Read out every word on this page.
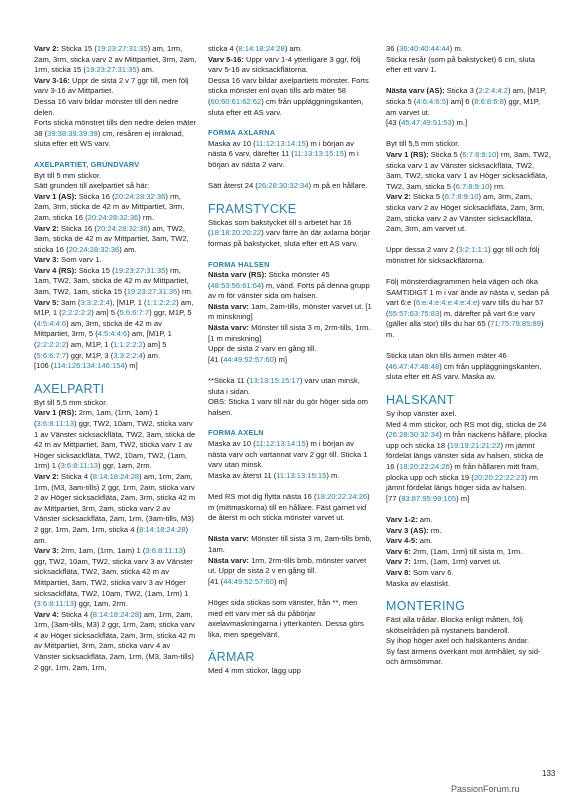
Varv 2: Sticka 15 (19:23:27:31:35) am, 1rm, 2am, 3rm, sticka varv 2 av Mittpartiet, 3rm, 2am, 1rm, sticka 15 (19:23:27:31:35) am.
Varv 3-16: Uppr de sista 2 v 7 ggr till, men följ varv 3-16 av Mittpartiet.
Dessa 16 varv bildar mönster till den nedre delen.
Forts sticka mönstret tills den nedre delen mäter 38 (39:38:39:39:39) cm, resåren ej inräknad, sluta efter ett WS varv.
AXELPARTIET, GRUNDVARV
Byt till 5 mm stickor.
Sätt grunden till axelpartiet så här:
Varv 1 (AS): Sticka 16 (20:24:28:32:36) rm, 2am, 3rm, sticka de 42 m av Mittpartiet, 3rm, 2am, sticka 16 (20:24:28:32:36) rm.
Varv 2: Sticka 16 (20:24:28:32:36) am, TW2, 3am, sticka de 42 m av Mittpartiet, 3am, TW2, sticka 16 (20:24:28:32:36) am.
Varv 3: Som varv 1.
Varv 4 (RS): Sticka 15 (19:23:27:31:35) rm, 1am, TW2, 3am, sticka de 42 m av Mittpartiet, 3am, TW2, 1am, sticka 15 (19:23:27:31:35) rm.
Varv 5: 3am (3:3:2:2:4), [M1P, 1 (1:1:2:2:2) am, M1P, 1 (2:2:2:2:2) am] 5 (5:6:6:7:7) ggr, M1P, 5 (4:5:4:4:6) am, 3rm, sticka de 42 m av Mittpartiet, 3rm, 5 (4:5:4:4:6) am, [M1P, 1 (2:2:2:2:2) am, M1P, 1 (1:1:2:2:2) am] 5 (5:6:6:7:7) ggr, M1P, 3 (3:3:2:2:4) am.
[106 (114:126:134:146:154) m]
AXELPARTI
Byt till 5,5 mm stickor.
Varv 1 (RS): 2rm, 1am, (1rm, 1am) 1 (3:6:8:11:13) ggr, TW2, 10am, TW2, sticka varv 1 av Vänster sicksackflätа, TW2, 3am, sticka de 42 m av Mittpartiet, 3am, TW2, sticka varv 1 av Höger sicksackflätа, TW2, 10am, TW2, (1am, 1rm) 1 (3:6:8:11:13) ggr, 1am, 2rm.
Varv 2: Sticka 4 (8:14:18:24:28) am, 1rm, 2am, 1rm, (M3, 3am-tills) 2 ggr, 1rm, 2am, sticka varv 2 av Höger sicksackflätа, 2am, 3rm, sticka 42 m av Mittpartiet, 3rm, 2am, sticka varv 2 av Vänster sicksackflätа, 2am, 1rm, (3am-tills, M3) 2 ggr, 1rm, 2am, 1rm, sticka 4 (8:14:18:24:28) am.
Varv 3: 2rm, 1am, (1rm, 1am) 1 (3:6:8:11:13) ggr, TW2, 10am, TW2, sticka varv 3 av Vänster sicksackflätа, TW2, 3am, sticka 42 m av Mittpartiet, 3am, TW2, sticka varv 3 av Höger sicksackflätа, TW2, 10am, TW2, (1am, 1rm) 1 (3:6:8:11:13) ggr, 1am, 2rm.
Varv 4: Sticka 4 (8:14:18:24:28) am, 1rm, 2am, 1rm, (3am-tills, M3) 2 ggr, 1rm, 2am, sticka varv 4 av Höger sicksackflätа, 2am, 3rm, sticka 42 m av Mittpartiet, 3rm, 2am, sticka varv 4 av Vänster sicksackflätа, 2am, 1rm, (M3, 3am-tills) 2 ggr, 1rm, 2am, 1rm,
sticka 4 (8:14:18:24:28) am.
Varv 5-16: Uppr varv 1-4 ytterligare 3 ggr, följ varv 5-16 av sicksackflätorna.
Dessa 16 varv bildar axelpartiets mönster. Forts sticka mönster enl ovan tills arb mäter 58 (60:60:61:62:62) cm från uppläggningskanten, sluta efter ett AS varv.
FORMA AXLARNA
Maska av 10 (11:12:13:14:15) m i början av nästa 6 varv, därefter 11 (11:13:13:15:15) m i början av nästa 2 varv.

Sätt återst 24 (26:28:30:32:34) m på en hållare.
FRAMSTYCKE
Stickas som bakstycket till s arbetet har 16 (18:18:20:20:22) varv färre än där axlarna börjar formas på bakstycket, sluta efter ett AS varv.
FORMA HALSEN
Nästa varv (RS): Sticka mönster 45 (48:53:56:61:64) m, vänd. Forts på denna grupp av m för vänster sida om halsen.
Nästa varv: 1am, 2am-tills, mönster varvet ut. [1 m minskning]
Nästa varv: Mönster till sista 3 m, 2rm-tills, 1rm. [1 m minskning]
Uppr de sista 2 varv en gång till.
[41 (44:49:52:57:60) m]

**Sticka 11 (13:13:15:15:17) varv utan minsk, sluta i sidan.
OBS: Sticka 1 varv till när du gör höger sida om halsen.
FORMA AXELN
Maska av 10 (11:12:13:14:15) m i början av nästa varv och vartannat varv 2 ggr till. Sticka 1 varv utan minsk.
Maska av återst 11 (11:13:13:15:15) m.

Med RS mot dig flytta nästa 16 (18:20:22:24:26) m (mittmaskorna) till en hållare. Fäst garnet vid de återst m och sticka mönster varvet ut.

Nästa varv: Mönster till sista 3 m, 2am-tills bmb, 1am.
Nästa varv: 1rm, 2rm-tills bmb, mönster varvet ut. Uppr de sista 2 v en gång till.
[41 (44:49:52:57:60) m]

Höger sida stickas som vänster, från **, men med ett varv mer så du påbörjar axelavmaskningarna i ytterkanten. Dessa görs lika, men spegelvänt.
ÄRMAR
Med 4 mm stickor, lägg upp
36 (36:40:40:44:44) m.
Sticka resår (som på bakstycket) 6 cm, sluta efter ett varv 1.

Nästa varv (AS): Sticka 3 (2:2:4:4:2) am, [M1P, sticka 5 (4:6:4:6:5) am] 6 (8:6:8:6:8) ggr, M1P, am varvet ut.
[43 (45:47:49:51:53) m.]

Byt till 5,5 mm stickor.
Varv 1 (RS): Sticka 5 (6:7:8:9:10) rm, 3am, TW2, sticka varv 1 av Vänster sicksackflätа, TW2, 3am, TW2, sticka varv 1 av Höger sicksackflätа, TW2, 3am, sticka 5 (6:7:8:9:10) rm.
Varv 2: Sticka 5 (6:7:8:9:10) am, 3rm, 2am, sticka varv 2 av Höger sicksackflätа, 2am, 3rm, 2am, sticka varv 2 av Vänster sicksackflätа, 2am, 3rm, am varvet ut.

Uppr dessa 2 varv 2 (3:2:1:1:1) ggr till och följ mönstret för sicksackflätorna.

Följ mönsterdiagrammen hela vägen och öka SAMTIDIGT 1 m i var ände av nästa v, sedan på vart 6:e (6:e:4:e:4:e:4:e:4:e) varv tills du har 57 (55:57:63:75:83) m, därefter på vart 6:e varv (gäller alla stor) tills du har 65 (71:75:79:85:89) m.

Sticka utan ökn tills ärmen mäter 46 (46:47:47:48:48) cm från uppläggningskanten, sluta efter ett AS varv. Maska av.
HALSKANT
Sy ihop vänster axel.
Med 4 mm stickor, och RS mot dig, sticka de 24 (26:28:30:32:34) m från nackens hållare, plocka upp och sticka 18 (19:19:21:21:22) rm jämnt fördelat längs vänster sida av halsen, sticka de 16 (18:20:22:24:26) m från hållaren mitt fram, plocka upp och sticka 19 (20:20:22:22:23) rm jämnt fördelat längs höger sida av halsen.
[77 (83:87:95:99:105) m]

Varv 1-2: am.
Varv 3 (AS): rm.
Varv 4-5: am.
Varv 6: 2rm, (1am, 1rm) till sista m, 1rm.
Varv 7: 1rm, (1am, 1rm) varvet ut.
Varv 8: Som varv 6.
Maska av elastiskt.
MONTERING
Fäst alla trådar. Blocka enligt måtten, följ skötselråden på nystanets banderoll.
Sy ihop höger axel och halskantens ändar.
Sy fast ärmens överkant mot ärmhålet, sy sid- och ärmsömmar.
133
PassionForum.ru
